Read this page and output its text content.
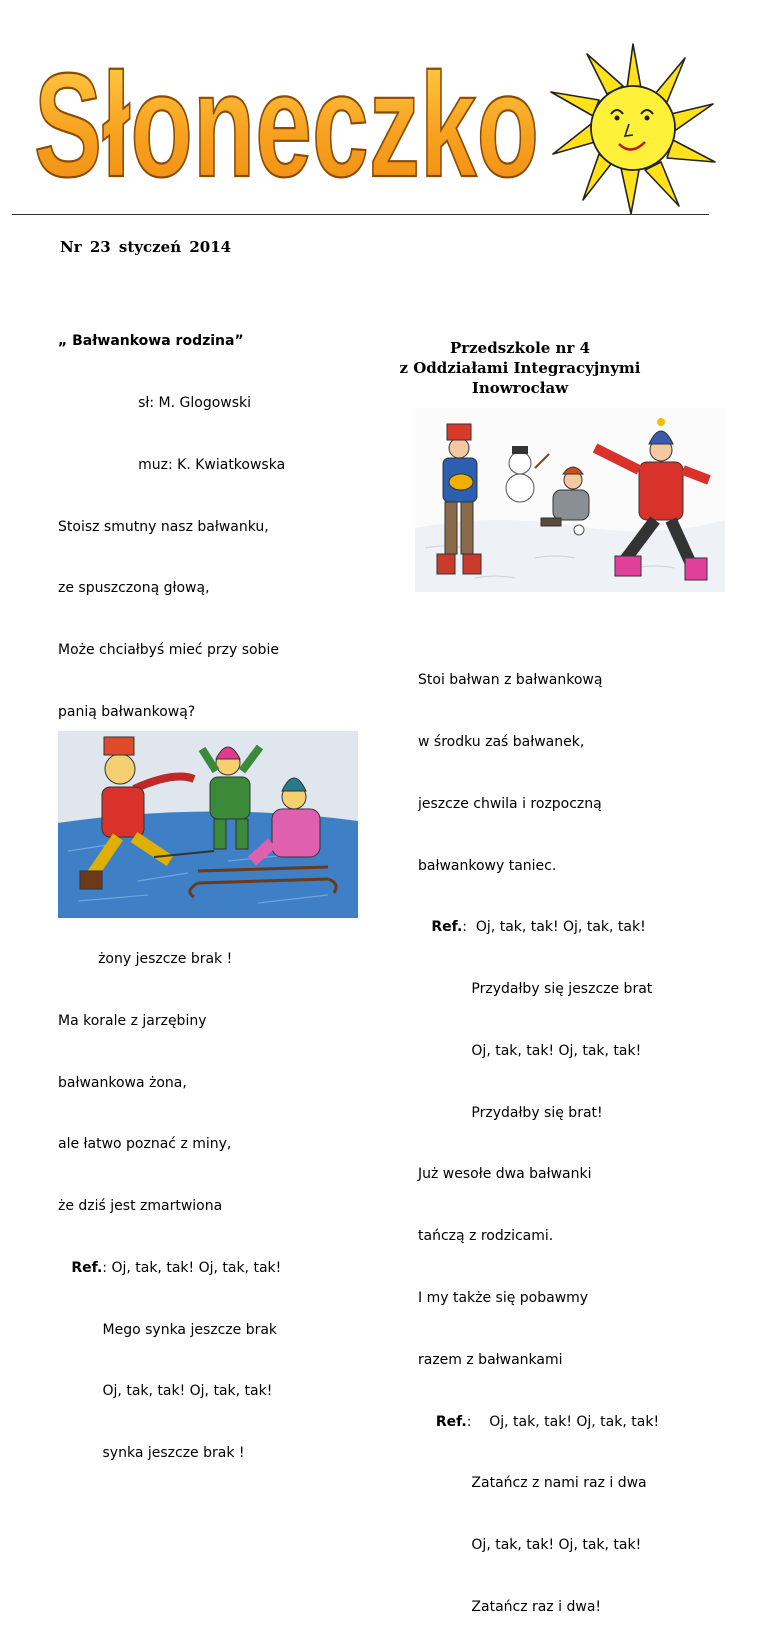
Słoneczko
Nr 23 styczeń 2014

„ Bałwankowa rodzina”

sł: M. Glogowski

muz: K. Kwiatkowska

Stoisz smutny nasz bałwanku,

ze spuszczoną głową,

Może chciałbyś mieć przy sobie

panią bałwankową?

żony jeszcze brak !

Ma korale z jarzębiny

bałwankowa żona,

ale łatwo poznać z miny,

że dziś jest zmartwiona

Ref.: Oj, tak, tak! Oj, tak, tak!

Mego synka jeszcze brak

Oj, tak, tak! Oj, tak, tak!

synka jeszcze brak !

Przedszkole nr 4
z Oddziałami Integracyjnymi
Inowrocław

Stoi bałwan z bałwankową

w środku zaś bałwanek,

jeszcze chwila i rozpoczną

bałwankowy taniec.

Ref.:  Oj, tak, tak! Oj, tak, tak!

Przydałby się jeszcze brat

Oj, tak, tak! Oj, tak, tak!

Przydałby się brat!

Już wesołe dwa bałwanki

tańczą z rodzicami.

I my także się pobawmy

razem z bałwankami

Ref.:    Oj, tak, tak! Oj, tak, tak!

Zatańcz z nami raz i dwa

Oj, tak, tak! Oj, tak, tak!

Zatańcz raz i dwa!
